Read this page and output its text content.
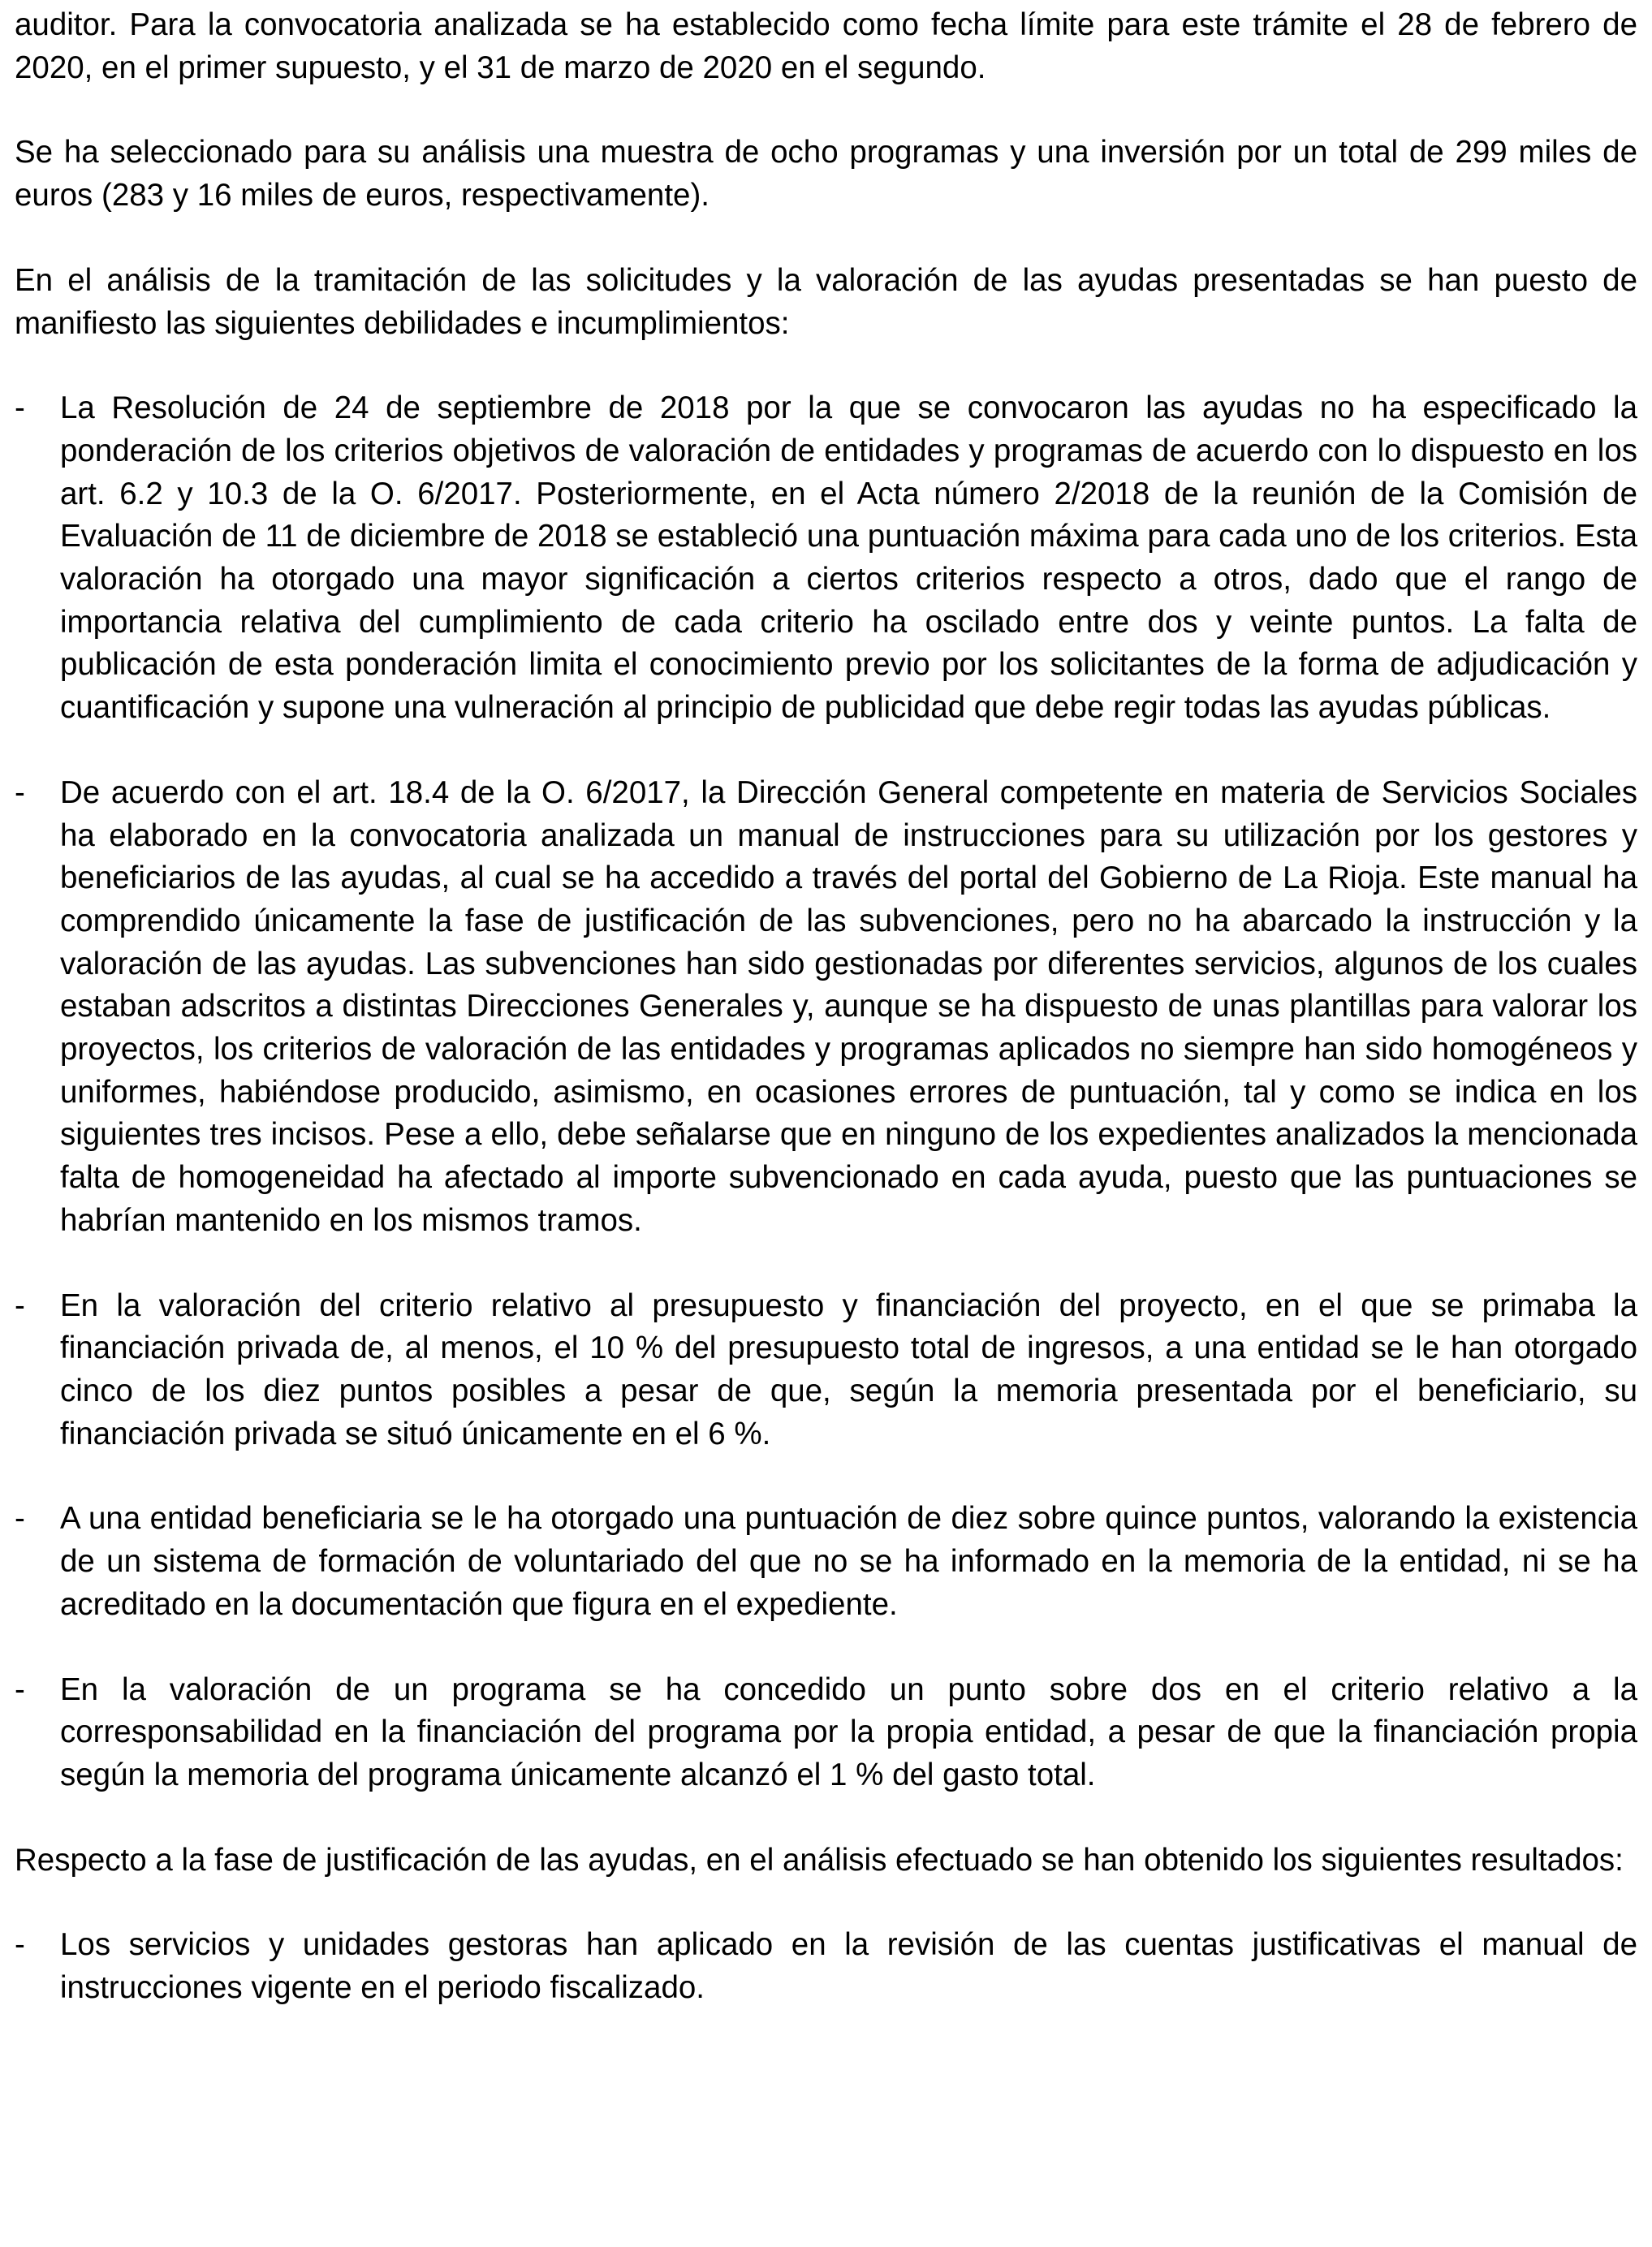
auditor. Para la convocatoria analizada se ha establecido como fecha límite para este trámite el 28 de febrero de 2020, en el primer supuesto, y el 31 de marzo de 2020 en el segundo.

Se ha seleccionado para su análisis una muestra de ocho programas y una inversión por un total de 299 miles de euros (283 y 16 miles de euros, respectivamente).

En el análisis de la tramitación de las solicitudes y la valoración de las ayudas presentadas se han puesto de manifiesto las siguientes debilidades e incumplimientos:

- La Resolución de 24 de septiembre de 2018 por la que se convocaron las ayudas no ha especificado la ponderación de los criterios objetivos de valoración de entidades y programas de acuerdo con lo dispuesto en los art. 6.2 y 10.3 de la O. 6/2017. Posteriormente, en el Acta número 2/2018 de la reunión de la Comisión de Evaluación de 11 de diciembre de 2018 se estableció una puntuación máxima para cada uno de los criterios. Esta valoración ha otorgado una mayor significación a ciertos criterios respecto a otros, dado que el rango de importancia relativa del cumplimiento de cada criterio ha oscilado entre dos y veinte puntos. La falta de publicación de esta ponderación limita el conocimiento previo por los solicitantes de la forma de adjudicación y cuantificación y supone una vulneración al principio de publicidad que debe regir todas las ayudas públicas.
- De acuerdo con el art. 18.4 de la O. 6/2017, la Dirección General competente en materia de Servicios Sociales ha elaborado en la convocatoria analizada un manual de instrucciones para su utilización por los gestores y beneficiarios de las ayudas, al cual se ha accedido a través del portal del Gobierno de La Rioja. Este manual ha comprendido únicamente la fase de justificación de las subvenciones, pero no ha abarcado la instrucción y la valoración de las ayudas. Las subvenciones han sido gestionadas por diferentes servicios, algunos de los cuales estaban adscritos a distintas Direcciones Generales y, aunque se ha dispuesto de unas plantillas para valorar los proyectos, los criterios de valoración de las entidades y programas aplicados no siempre han sido homogéneos y uniformes, habiéndose producido, asimismo, en ocasiones errores de puntuación, tal y como se indica en los siguientes tres incisos. Pese a ello, debe señalarse que en ninguno de los expedientes analizados la mencionada falta de homogeneidad ha afectado al importe subvencionado en cada ayuda, puesto que las puntuaciones se habrían mantenido en los mismos tramos.
- En la valoración del criterio relativo al presupuesto y financiación del proyecto, en el que se primaba la financiación privada de, al menos, el 10 % del presupuesto total de ingresos, a una entidad se le han otorgado cinco de los diez puntos posibles a pesar de que, según la memoria presentada por el beneficiario, su financiación privada se situó únicamente en el 6 %.
- A una entidad beneficiaria se le ha otorgado una puntuación de diez sobre quince puntos, valorando la existencia de un sistema de formación de voluntariado del que no se ha informado en la memoria de la entidad, ni se ha acreditado en la documentación que figura en el expediente.
- En la valoración de un programa se ha concedido un punto sobre dos en el criterio relativo a la corresponsabilidad en la financiación del programa por la propia entidad, a pesar de que la financiación propia según la memoria del programa únicamente alcanzó el 1 % del gasto total.

Respecto a la fase de justificación de las ayudas, en el análisis efectuado se han obtenido los siguientes resultados:

- Los servicios y unidades gestoras han aplicado en la revisión de las cuentas justificativas el manual de instrucciones vigente en el periodo fiscalizado.
